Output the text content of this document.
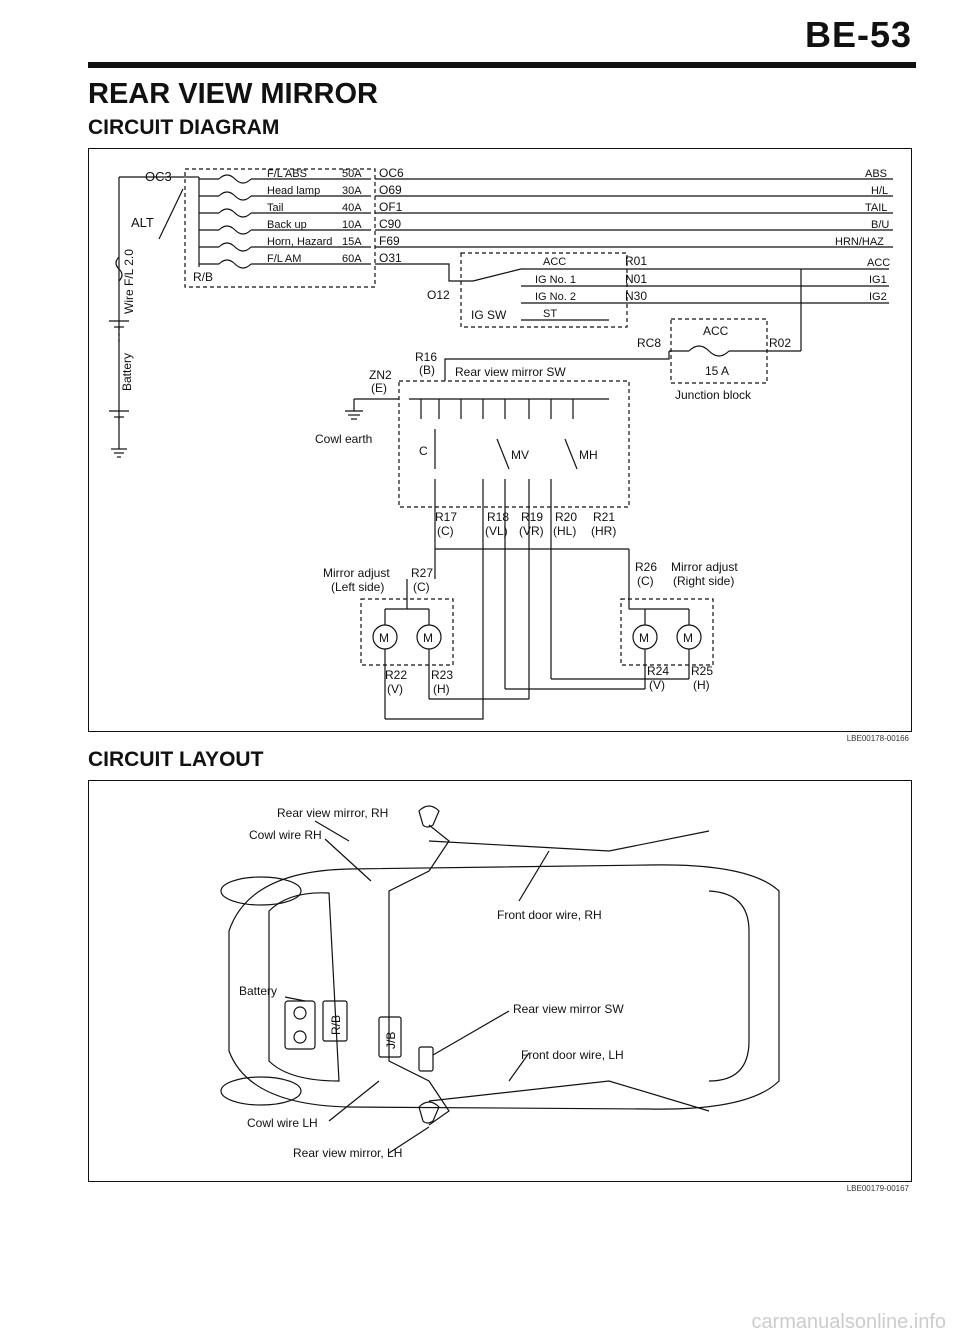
BE-53
REAR VIEW MIRROR
CIRCUIT DIAGRAM
OC3
ALT
R/B
F/L ABS	50A OC6	ABS
Head lamp 30A O69	H/L
Tail	40A OF1	TAIL
Back up	10A C90	B/U
Horn, Hazard 15A F69	HRN/HAZ
F/L AM	60A O31
Wire F/L 2.0
Battery
O12
IG SW
ACC	R01	ACC
IG No. 1	N01	IG1
IG No. 2	N30	IG2
ST
RC8
ACC
R02
15 A
Junction block
R16
(B)
ZN2
(E)
Rear view mirror SW
Cowl earth
C	MV	MH
R17
(C)
R18
(VL)
R19
(VR)
R20
(HL)
R21
(HR)
Mirror adjust
(Left side)
R27
(C)
M	M
R22
(V)
R23
(H)
R26
(C)
Mirror adjust
(Right side)
M	M
R24
(V)
R25
(H)
LBE00178-00166
CIRCUIT LAYOUT
R/B
J/B
Rear view mirror, RH
Cowl wire RH
Front door wire, RH
Battery
Rear view mirror SW
Front door wire, LH
Cowl wire LH
Rear view mirror, LH
LBE00179-00167
carmanualsonline.info
